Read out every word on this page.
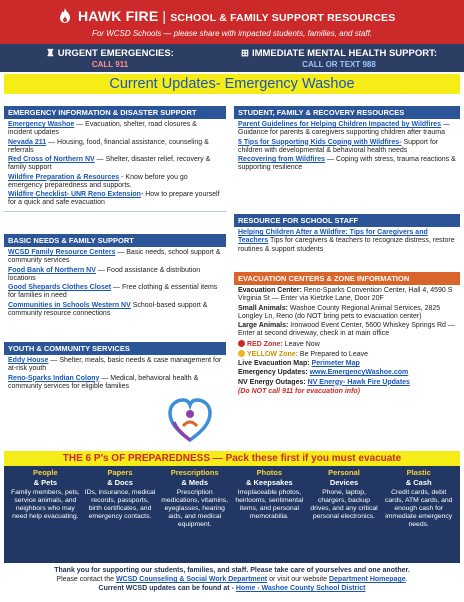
HAWK FIRE | SCHOOL & FAMILY SUPPORT RESOURCES
For WCSD Schools — please share with impacted students, families, and staff.
♜ URGENT EMERGENCIES:
CALL 911
⊞ IMMEDIATE MENTAL HEALTH SUPPORT:
CALL OR TEXT 988
Current Updates- Emergency Washoe
EMERGENCY INFORMATION & DISASTER SUPPORT
Emergency Washoe — Evacuation, shelter, road closures & incident updates
Nevada 211 — Housing, food, financial assistance, counseling & referrals
Red Cross of Northern NV — Shelter, disaster relief, recovery & family support
Wildfire Preparation & Resources - Know before you go emergency preparedness and supports.
Wildfire Checklist- UNR Reno Extension- How to prepare yourself for a quick and safe evacuation
BASIC NEEDS & FAMILY SUPPORT
WCSD Family Resource Centers — Basic needs, school support & community services
Food Bank of Northern NV — Food assistance & distribution locations
Good Shepards Clothes Closet — Free clothing & essential items for families in need
Communities in Schools Western NV School-based support & community resource connections
YOUTH & COMMUNITY SERVICES
Eddy House — Shelter, meals, basic needs & case management for at-risk youth
Reno-Sparks Indian Colony — Medical, behavioral health & community services for eligible families
STUDENT, FAMILY & RECOVERY RESOURCES
Parent Guidelines for Helping Children Impacted by Wildfires — Guidance for parents & caregivers supporting children after trauma
5 Tips for Supporting Kids Coping with Wildfires- Support for children with developmental & behavioral health needs
Recovering from Wildfires — Coping with stress, trauma reactions & supporting resilience
RESOURCE FOR SCHOOL STAFF
Helping Children After a Wildfire: Tips for Caregivers and Teachers Tips for caregivers & teachers to recognize distress, restore routines & support students
EVACUATION CENTERS & ZONE INFORMATION
Evacuation Center: Reno-Sparks Convention Center, Hall 4, 4590 S Virginia St — Enter via Kietzke Lane, Door 20F
Small Animals: Washoe County Regional Animal Services, 2825 Longley Ln, Reno (do NOT bring pets to evacuation center)
Large Animals: Ironwood Event Center, 5600 Whiskey Springs Rd — Enter at second driveway, check in at main office
RED Zone: Leave Now
YELLOW Zone: Be Prepared to Leave
Live Evacuation Map: Perimeter Map
Emergency Updates: www.EmergencyWashoe.com
NV Energy Outages: NV Energy- Hawk Fire Updates
(Do NOT call 911 for evacuation info)
THE 6 P's OF PREPAREDNESS — Pack these first if you must evacuate
People
& Pets
Family members, pets, service animals, and neighbors who may need help evacuating.
Papers
& Docs
IDs, insurance, medical records, passports, birth certificates, and emergency contacts.
Prescriptions
& Meds
Prescription medications, vitamins, eyeglasses, hearing aids, and medical equipment.
Photos
& Keepsakes
Irreplaceable photos, heirlooms, sentimental items, and personal memorabilia.
Personal
Devices
Phone, laptop, chargers, backup drives, and any critical personal electronics.
Plastic
& Cash
Credit cards, debit cards, ATM cards, and enough cash for immediate emergency needs.
Thank you for supporting our students, families, and staff. Please take care of yourselves and one another.
Please contact the WCSD Counseling & Social Work Department or visit our website Department Homepage.
Current WCSD updates can be found at - Home - Washoe County School District
